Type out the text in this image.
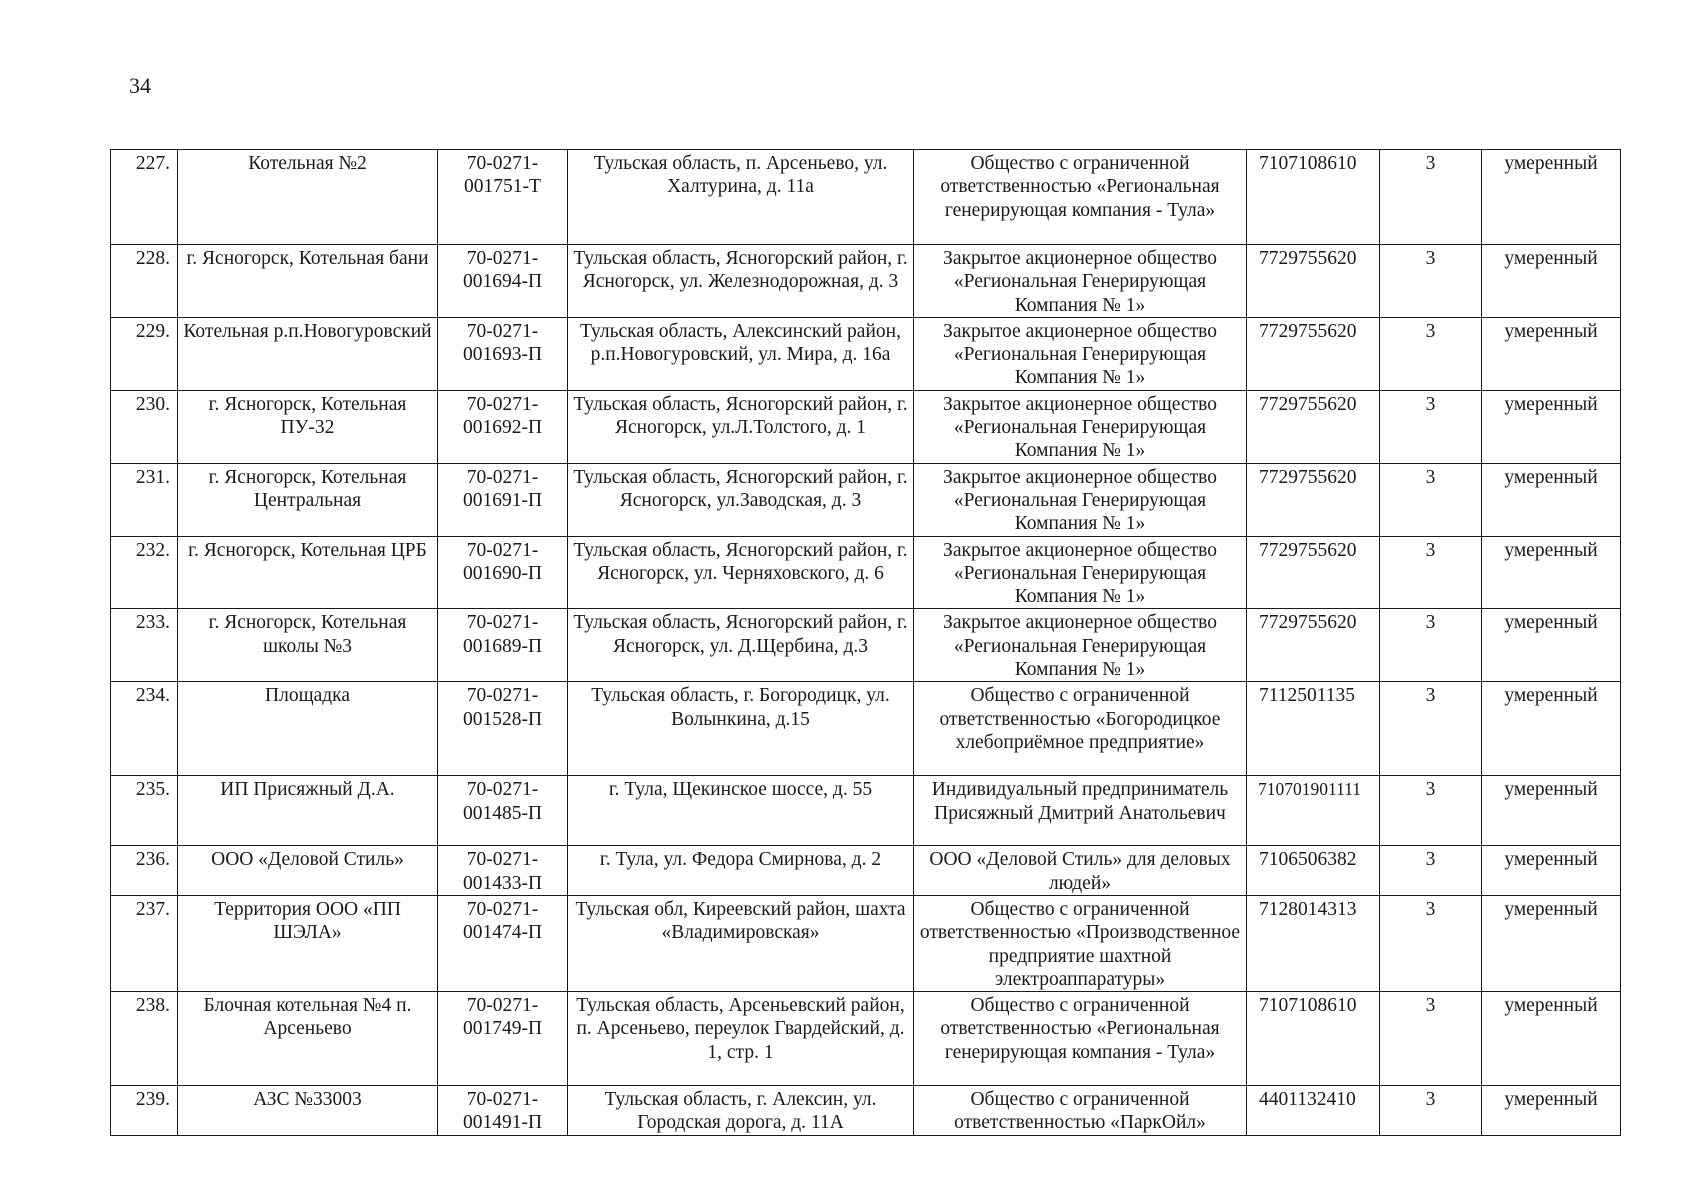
34
227.	Котельная №2	70-0271-001751-Т	Тульская область, п. Арсеньево, ул. Халтурина, д. 11а	Общество с ограниченной ответственностью «Региональная генерирующая компания - Тула»	7107108610	3	умеренный
228.	г. Ясногорск, Котельная бани	70-0271-001694-П	Тульская область, Ясногорский район, г. Ясногорск, ул. Железнодорожная, д. 3	Закрытое акционерное общество «Региональная Генерирующая Компания № 1»	7729755620	3	умеренный
229.	Котельная р.п.Новогуровский	70-0271-001693-П	Тульская область, Алексинский район, р.п.Новогуровский, ул. Мира, д. 16а	Закрытое акционерное общество «Региональная Генерирующая Компания № 1»	7729755620	3	умеренный
230.	г. Ясногорск, Котельная ПУ-32	70-0271-001692-П	Тульская область, Ясногорский район, г. Ясногорск, ул.Л.Толстого, д. 1	Закрытое акционерное общество «Региональная Генерирующая Компания № 1»	7729755620	3	умеренный
231.	г. Ясногорск, Котельная Центральная	70-0271-001691-П	Тульская область, Ясногорский район, г. Ясногорск, ул.Заводская, д. 3	Закрытое акционерное общество «Региональная Генерирующая Компания № 1»	7729755620	3	умеренный
232.	г. Ясногорск, Котельная ЦРБ	70-0271-001690-П	Тульская область, Ясногорский район, г. Ясногорск, ул. Черняховского, д. 6	Закрытое акционерное общество «Региональная Генерирующая Компания № 1»	7729755620	3	умеренный
233.	г. Ясногорск, Котельная школы №3	70-0271-001689-П	Тульская область, Ясногорский район, г. Ясногорск, ул. Д.Щербина, д.3	Закрытое акционерное общество «Региональная Генерирующая Компания № 1»	7729755620	3	умеренный
234.	Площадка	70-0271-001528-П	Тульская область, г. Богородицк, ул. Волынкина, д.15	Общество с ограниченной ответственностью «Богородицкое хлебоприёмное предприятие»	7112501135	3	умеренный
235.	ИП Присяжный Д.А.	70-0271-001485-П	г. Тула, Щекинское шоссе, д. 55	Индивидуальный предприниматель Присяжный Дмитрий Анатольевич	710701901111	3	умеренный
236.	ООО «Деловой Стиль»	70-0271-001433-П	г. Тула, ул. Федора Смирнова, д. 2	ООО «Деловой Стиль» для деловых людей»	7106506382	3	умеренный
237.	Территория ООО «ПП ШЭЛА»	70-0271-001474-П	Тульская обл, Киреевский район, шахта «Владимировская»	Общество с ограниченной ответственностью «Производственное предприятие шахтной электроаппаратуры»	7128014313	3	умеренный
238.	Блочная котельная №4 п. Арсеньево	70-0271-001749-П	Тульская область, Арсеньевский район, п. Арсеньево, переулок Гвардейский, д. 1, стр. 1	Общество с ограниченной ответственностью «Региональная генерирующая компания - Тула»	7107108610	3	умеренный
239.	АЗС №33003	70-0271-001491-П	Тульская область, г. Алексин, ул. Городская дорога, д. 11А	Общество с ограниченной ответственностью «ПаркОйл»	4401132410	3	умеренный
